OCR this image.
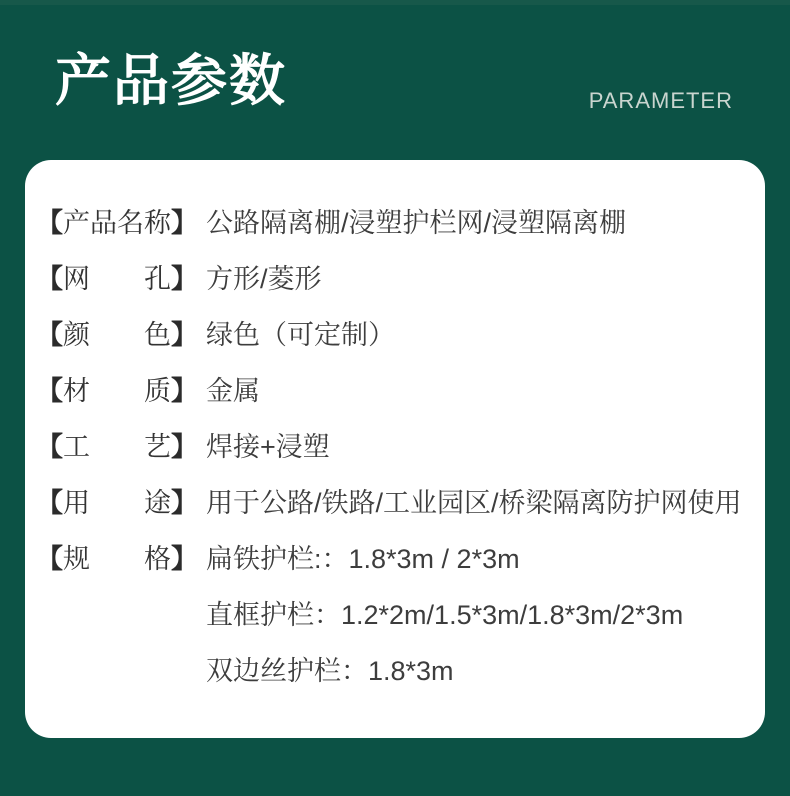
产品参数	PARAMETER
【 产品名称 】 公路隔离棚/浸塑护栏网/浸塑隔离棚
【 网孔 】 方形/菱形
【 颜色 】 绿色（可定制）
【 材质 】 金属
【 工艺 】 焊接+浸塑
【 用途 】 用于公路/铁路/工业园区/桥梁隔离防护网使用
【 规格 】 扁铁护栏:：1.8*3m / 2*3m
直框护栏：1.2*2m/1.5*3m/1.8*3m/2*3m
双边丝护栏：1.8*3m
